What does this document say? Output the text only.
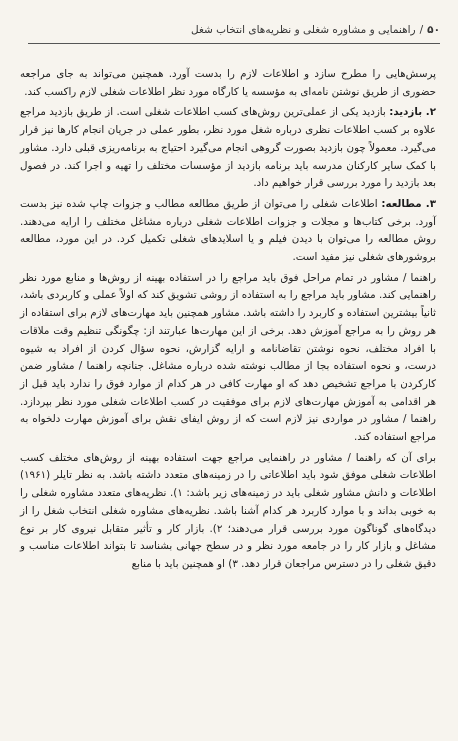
۵۰
/
راهنمایی و مشاوره شغلی و نظریه‌های انتخاب شغل

پرسش‌هایی را مطرح سازد و اطلاعات لازم را بدست آورد. همچنین می‌تواند به جای مراجعه حضوری از طریق نوشتن نامه‌ای به مؤسسه یا کارگاه مورد نظر اطلاعات شغلی لازم راکسب کند.

۲. بازدید: بازدید یکی از عملی‌ترین روش‌های کسب اطلاعات شغلی است. از طریق بازدید مراجع علاوه بر کسب اطلاعات نظری درباره شغل مورد نظر، بطور عملی در جریان انجام کارها نیز قرار می‌گیرد. معمولاً چون بازدید بصورت گروهی انجام می‌گیرد احتیاج به برنامه‌ریزی قبلی دارد. مشاور با کمک سایر کارکنان مدرسه باید برنامه بازدید از مؤسسات مختلف را تهیه و اجرا کند. در فصول بعد بازدید را مورد بررسی قرار خواهیم داد.

۳. مطالعه: اطلاعات شغلی را می‌توان از طریق مطالعه مطالب و جزوات چاپ شده نیز بدست آورد. برخی کتاب‌ها و مجلات و جزوات اطلاعات شغلی درباره مشاغل مختلف را ارایه می‌دهند. روش مطالعه را می‌توان با دیدن فیلم و یا اسلایدهای شغلی تکمیل کرد. در این مورد، مطالعه بروشورهای شغلی نیز مفید است.

راهنما / مشاور در تمام مراحل فوق باید مراجع را در استفاده بهینه از روش‌ها و منابع مورد نظر راهنمایی کند. مشاور باید مراجع را به استفاده از روشی تشویق کند که اولاً عملی و کاربردی باشد، ثانیاً بیشترین استفاده و کاربرد را داشته باشد. مشاور همچنین باید مهارت‌های لازم برای استفاده از هر روش را به مراجع آموزش دهد. برخی از این مهارت‌ها عبارتند از: چگونگی تنظیم وقت ملاقات با افراد مختلف، نحوه نوشتن تقاضانامه و ارایه گزارش، نحوه سؤال کردن از افراد به شیوه درست، و نحوه استفاده بجا از مطالب نوشته شده درباره مشاغل. جنانچه راهنما / مشاور ضمن کارکردن با مراجع تشخیص دهد که او مهارت کافی در هر کدام از موارد فوق را ندارد باید قبل از هر اقدامی به آموزش مهارت‌های لازم برای موفقیت در کسب اطلاعات شغلی مورد نظر بپردازد. راهنما / مشاور در مواردی نیز لازم است که از روش ایفای نقش برای آموزش مهارت دلخواه به مراجع استفاده کند.

برای آن که راهنما / مشاور در راهنمایی مراجع جهت استفاده بهینه از روش‌های مختلف کسب اطلاعات شغلی موفق شود باید اطلاعاتی را در زمینه‌های متعدد داشته باشد. به نظر تایلر (۱۹۶۱) اطلاعات و دانش مشاور شغلی باید در زمینه‌های زیر باشد: ۱). نظریه‌های متعدد مشاوره شغلی را به خوبی بداند و با موارد کاربرد هر کدام آشنا باشد. نظریه‌های مشاوره شغلی انتخاب شغل را از دیدگاه‌های گوناگون مورد بررسی قرار می‌دهند؛ ۲). بازار کار و تأثیر متقابل نیروی کار بر نوع مشاغل و بازار کار را در جامعه مورد نظر و در سطح جهانی بشناسد تا بتواند اطلاعات مناسب و دقیق شغلی را در دسترس مراجعان قرار دهد. ۳) او همچنین باید با منابع
